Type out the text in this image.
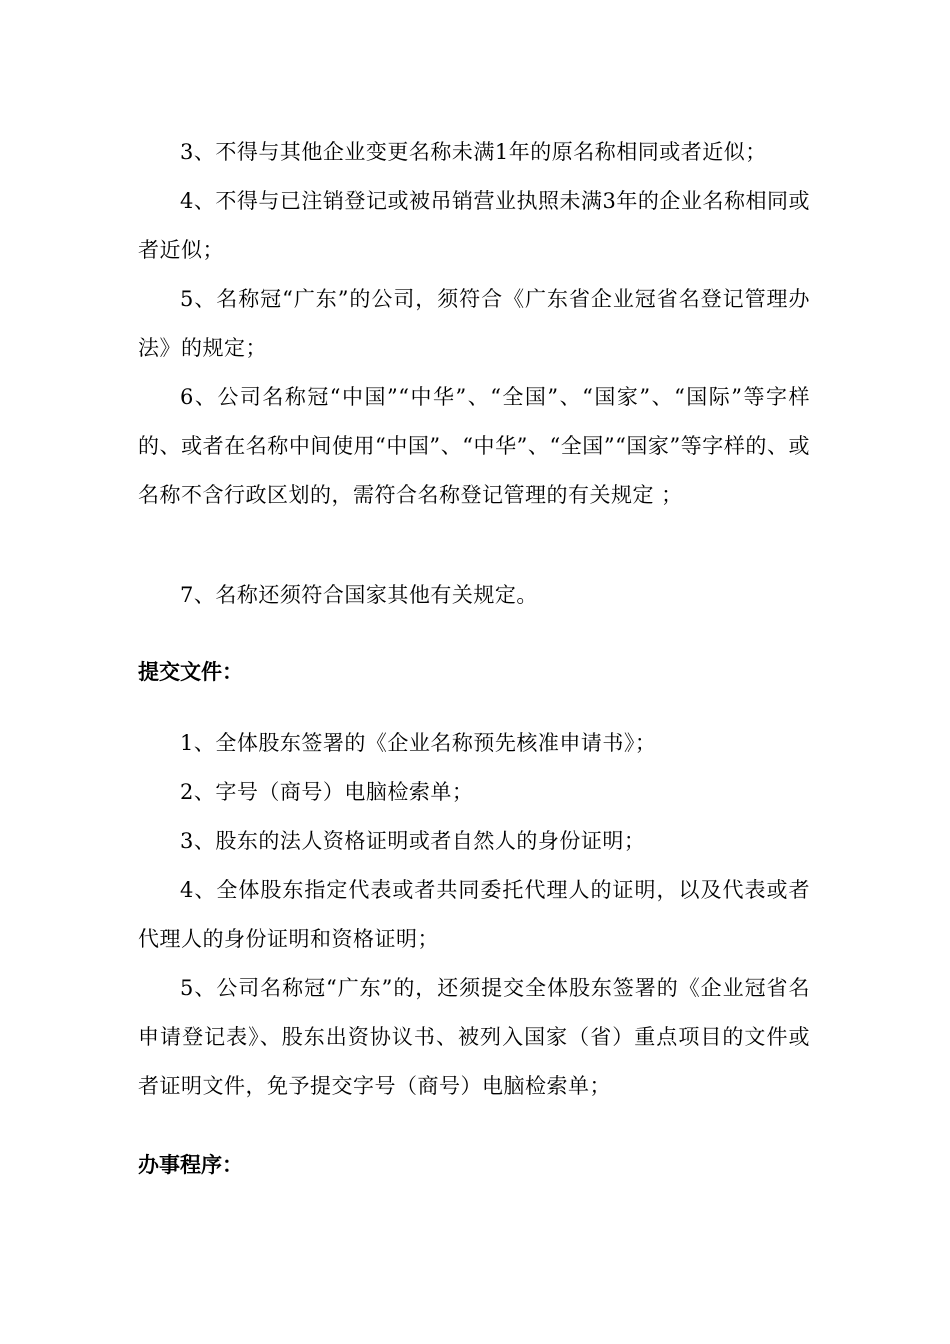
3、不得与其他企业变更名称未满1年的原名称相同或者近似；

4、不得与已注销登记或被吊销营业执照未满3年的企业名称相同或者近似；

5、名称冠“广东”的公司，须符合《广东省企业冠省名登记管理办法》的规定；

6、公司名称冠“中国”“中华”、“全国”、“国家”、“国际”等字样的、或者在名称中间使用“中国”、“中华”、“全国”“国家”等字样的、或名称不含行政区划的，需符合名称登记管理的有关规定 ；

7、名称还须符合国家其他有关规定。

提交文件：

1、全体股东签署的《企业名称预先核准申请书》；

2、字号（商号）电脑检索单；

3、股东的法人资格证明或者自然人的身份证明；

4、全体股东指定代表或者共同委托代理人的证明，以及代表或者代理人的身份证明和资格证明；

5、公司名称冠“广东”的，还须提交全体股东签署的《企业冠省名申请登记表》、股东出资协议书、被列入国家（省）重点项目的文件或者证明文件，免予提交字号（商号）电脑检索单；

办事程序：
